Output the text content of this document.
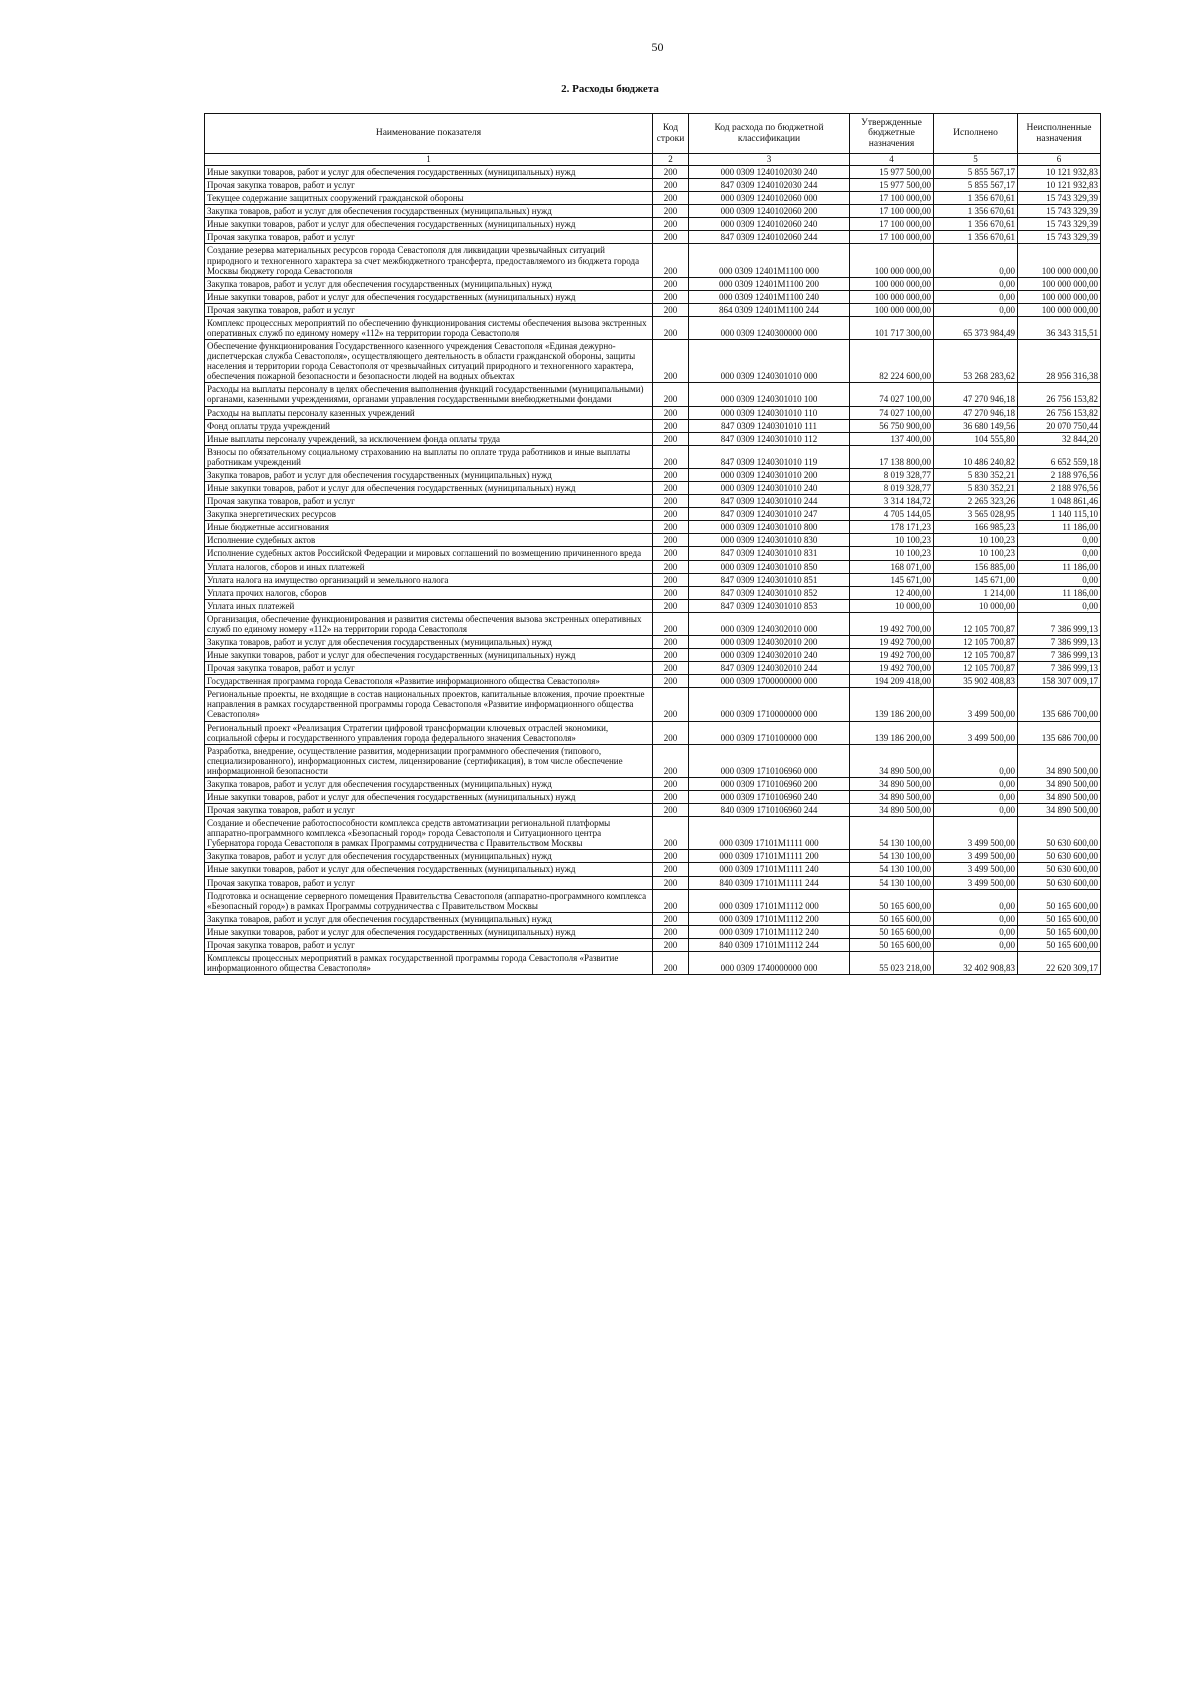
50
2. Расходы бюджета
Наименование показателя	Код строки	Код расхода по бюджетной классификации	Утвержденные бюджетные назначения	Исполнено	Неисполненные назначения
1	2	3	4	5	6
Иные закупки товаров, работ и услуг для обеспечения государственных (муниципальных) нужд	200	000 0309 1240102030 240	15 977 500,00	5 855 567,17	10 121 932,83
Прочая закупка товаров, работ и услуг	200	847 0309 1240102030 244	15 977 500,00	5 855 567,17	10 121 932,83
Текущее содержание защитных сооружений гражданской обороны	200	000 0309 1240102060 000	17 100 000,00	1 356 670,61	15 743 329,39
Закупка товаров, работ и услуг для обеспечения государственных (муниципальных) нужд	200	000 0309 1240102060 200	17 100 000,00	1 356 670,61	15 743 329,39
Иные закупки товаров, работ и услуг для обеспечения государственных (муниципальных) нужд	200	000 0309 1240102060 240	17 100 000,00	1 356 670,61	15 743 329,39
Прочая закупка товаров, работ и услуг	200	847 0309 1240102060 244	17 100 000,00	1 356 670,61	15 743 329,39
Создание резерва материальных ресурсов города Севастополя для ликвидации чрезвычайных ситуаций природного и техногенного характера за счет межбюджетного трансферта, предоставляемого из бюджета города Москвы бюджету города Севастополя	200	000 0309 12401M1100 000	100 000 000,00	0,00	100 000 000,00
Закупка товаров, работ и услуг для обеспечения государственных (муниципальных) нужд	200	000 0309 12401M1100 200	100 000 000,00	0,00	100 000 000,00
Иные закупки товаров, работ и услуг для обеспечения государственных (муниципальных) нужд	200	000 0309 12401M1100 240	100 000 000,00	0,00	100 000 000,00
Прочая закупка товаров, работ и услуг	200	864 0309 12401M1100 244	100 000 000,00	0,00	100 000 000,00
Комплекс процессных мероприятий по обеспечению функционирования системы обеспечения вызова экстренных оперативных служб по единому номеру «112» на территории города Севастополя	200	000 0309 1240300000 000	101 717 300,00	65 373 984,49	36 343 315,51
Обеспечение функционирования Государственного казенного учреждения Севастополя «Единая дежурно-диспетчерская служба Севастополя», осуществляющего деятельность в области гражданской обороны, защиты населения и территории города Севастополя от чрезвычайных ситуаций природного и техногенного характера, обеспечения пожарной безопасности и безопасности людей на водных объектах	200	000 0309 1240301010 000	82 224 600,00	53 268 283,62	28 956 316,38
Расходы на выплаты персоналу в целях обеспечения выполнения функций государственными (муниципальными) органами, казенными учреждениями, органами управления государственными внебюджетными фондами	200	000 0309 1240301010 100	74 027 100,00	47 270 946,18	26 756 153,82
Расходы на выплаты персоналу казенных учреждений	200	000 0309 1240301010 110	74 027 100,00	47 270 946,18	26 756 153,82
Фонд оплаты труда учреждений	200	847 0309 1240301010 111	56 750 900,00	36 680 149,56	20 070 750,44
Иные выплаты персоналу учреждений, за исключением фонда оплаты труда	200	847 0309 1240301010 112	137 400,00	104 555,80	32 844,20
Взносы по обязательному социальному страхованию на выплаты по оплате труда работников и иные выплаты работникам учреждений	200	847 0309 1240301010 119	17 138 800,00	10 486 240,82	6 652 559,18
Закупка товаров, работ и услуг для обеспечения государственных (муниципальных) нужд	200	000 0309 1240301010 200	8 019 328,77	5 830 352,21	2 188 976,56
Иные закупки товаров, работ и услуг для обеспечения государственных (муниципальных) нужд	200	000 0309 1240301010 240	8 019 328,77	5 830 352,21	2 188 976,56
Прочая закупка товаров, работ и услуг	200	847 0309 1240301010 244	3 314 184,72	2 265 323,26	1 048 861,46
Закупка энергетических ресурсов	200	847 0309 1240301010 247	4 705 144,05	3 565 028,95	1 140 115,10
Иные бюджетные ассигнования	200	000 0309 1240301010 800	178 171,23	166 985,23	11 186,00
Исполнение судебных актов	200	000 0309 1240301010 830	10 100,23	10 100,23	0,00
Исполнение судебных актов Российской Федерации и мировых соглашений по возмещению причиненного вреда	200	847 0309 1240301010 831	10 100,23	10 100,23	0,00
Уплата налогов, сборов и иных платежей	200	000 0309 1240301010 850	168 071,00	156 885,00	11 186,00
Уплата налога на имущество организаций и земельного налога	200	847 0309 1240301010 851	145 671,00	145 671,00	0,00
Уплата прочих налогов, сборов	200	847 0309 1240301010 852	12 400,00	1 214,00	11 186,00
Уплата иных платежей	200	847 0309 1240301010 853	10 000,00	10 000,00	0,00
Организация, обеспечение функционирования и развития системы обеспечения вызова экстренных оперативных служб по единому номеру «112» на территории города Севастополя	200	000 0309 1240302010 000	19 492 700,00	12 105 700,87	7 386 999,13
Закупка товаров, работ и услуг для обеспечения государственных (муниципальных) нужд	200	000 0309 1240302010 200	19 492 700,00	12 105 700,87	7 386 999,13
Иные закупки товаров, работ и услуг для обеспечения государственных (муниципальных) нужд	200	000 0309 1240302010 240	19 492 700,00	12 105 700,87	7 386 999,13
Прочая закупка товаров, работ и услуг	200	847 0309 1240302010 244	19 492 700,00	12 105 700,87	7 386 999,13
Государственная программа города Севастополя «Развитие информационного общества Севастополя»	200	000 0309 1700000000 000	194 209 418,00	35 902 408,83	158 307 009,17
Региональные проекты, не входящие в состав национальных проектов, капитальные вложения, прочие проектные направления в рамках государственной программы города Севастополя «Развитие информационного общества Севастополя»	200	000 0309 1710000000 000	139 186 200,00	3 499 500,00	135 686 700,00
Региональный проект «Реализация Стратегии цифровой трансформации ключевых отраслей экономики, социальной сферы и государственного управления города федерального значения Севастополя»	200	000 0309 1710100000 000	139 186 200,00	3 499 500,00	135 686 700,00
Разработка, внедрение, осуществление развития, модернизации программного обеспечения (типового, специализированного), информационных систем, лицензирование (сертификация), в том числе обеспечение информационной безопасности	200	000 0309 1710106960 000	34 890 500,00	0,00	34 890 500,00
Закупка товаров, работ и услуг для обеспечения государственных (муниципальных) нужд	200	000 0309 1710106960 200	34 890 500,00	0,00	34 890 500,00
Иные закупки товаров, работ и услуг для обеспечения государственных (муниципальных) нужд	200	000 0309 1710106960 240	34 890 500,00	0,00	34 890 500,00
Прочая закупка товаров, работ и услуг	200	840 0309 1710106960 244	34 890 500,00	0,00	34 890 500,00
Создание и обеспечение работоспособности комплекса средств автоматизации региональной платформы аппаратно-программного комплекса «Безопасный город» города Севастополя и Ситуационного центра Губернатора города Севастополя в рамках Программы сотрудничества с Правительством Москвы	200	000 0309 17101M1111 000	54 130 100,00	3 499 500,00	50 630 600,00
Закупка товаров, работ и услуг для обеспечения государственных (муниципальных) нужд	200	000 0309 17101M1111 200	54 130 100,00	3 499 500,00	50 630 600,00
Иные закупки товаров, работ и услуг для обеспечения государственных (муниципальных) нужд	200	000 0309 17101M1111 240	54 130 100,00	3 499 500,00	50 630 600,00
Прочая закупка товаров, работ и услуг	200	840 0309 17101M1111 244	54 130 100,00	3 499 500,00	50 630 600,00
Подготовка и оснащение серверного помещения Правительства Севастополя (аппаратно-программного комплекса «Безопасный город») в рамках Программы сотрудничества с Правительством Москвы	200	000 0309 17101M1112 000	50 165 600,00	0,00	50 165 600,00
Закупка товаров, работ и услуг для обеспечения государственных (муниципальных) нужд	200	000 0309 17101M1112 200	50 165 600,00	0,00	50 165 600,00
Иные закупки товаров, работ и услуг для обеспечения государственных (муниципальных) нужд	200	000 0309 17101M1112 240	50 165 600,00	0,00	50 165 600,00
Прочая закупка товаров, работ и услуг	200	840 0309 17101M1112 244	50 165 600,00	0,00	50 165 600,00
Комплексы процессных мероприятий в рамках государственной программы города Севастополя «Развитие информационного общества Севастополя»	200	000 0309 1740000000 000	55 023 218,00	32 402 908,83	22 620 309,17
